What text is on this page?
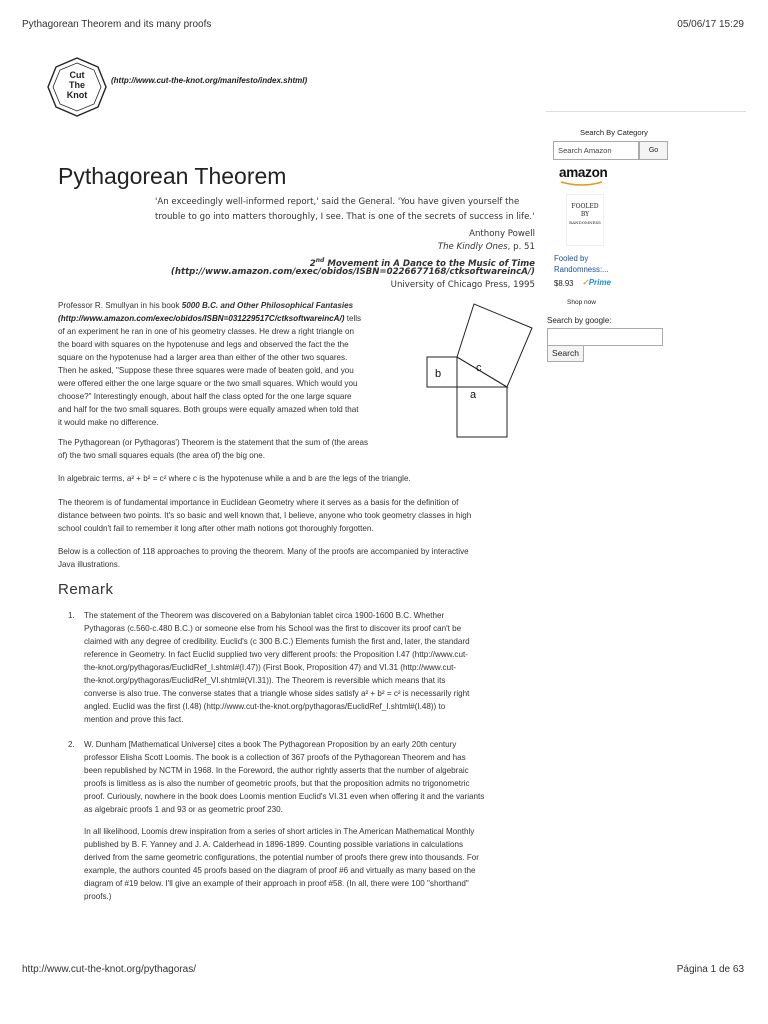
Pythagorean Theorem and its many proofs	05/06/17 15:29
Cut
The
Knot
(http://www.cut-the-knot.org/manifesto/index.shtml)
Search By Category
Search Amazon	Go
amazon
FOOLED
BY
RANDOMNESS
Fooled by Randomness:...
$8.93 ✓Prime
Shop now
Search by google:
Search
Pythagorean Theorem
'An exceedingly well-informed report,' said the General. 'You have given yourself the
trouble to go into matters thoroughly, I see. That is one of the secrets of success in life.'
Anthony Powell
The Kindly Ones, p. 51
2nd Movement in A Dance to the Music of Time
(http://www.amazon.com/exec/obidos/ISBN=0226677168/ctksoftwareincA/)
University of Chicago Press, 1995
Professor R. Smullyan in his book 5000 B.C. and Other Philosophical Fantasies
(http://www.amazon.com/exec/obidos/ISBN=031229517C/ctksoftwareincA/) tells
of an experiment he ran in one of his geometry classes. He drew a right triangle on
the board with squares on the hypotenuse and legs and observed the fact the the
square on the hypotenuse had a larger area than either of the other two squares.
Then he asked, "Suppose these three squares were made of beaten gold, and you
were offered either the one large square or the two small squares. Which would you
choose?" Interestingly enough, about half the class opted for the one large square
and half for the two small squares. Both groups were equally amazed when told that
it would make no difference.
b	c
a
The Pythagorean (or Pythagoras') Theorem is the statement that the sum of (the areas
of) the two small squares equals (the area of) the big one.
In algebraic terms, a² + b² = c² where c is the hypotenuse while a and b are the legs of the triangle.
The theorem is of fundamental importance in Euclidean Geometry where it serves as a basis for the definition of
distance between two points. It's so basic and well known that, I believe, anyone who took geometry classes in high
school couldn't fail to remember it long after other math notions got thoroughly forgotten.
Below is a collection of 118 approaches to proving the theorem. Many of the proofs are accompanied by interactive
Java illustrations.
Remark
1. The statement of the Theorem was discovered on a Babylonian tablet circa 1900-1600 B.C. Whether
Pythagoras (c.560-c.480 B.C.) or someone else from his School was the first to discover its proof can't be
claimed with any degree of credibility. Euclid's (c 300 B.C.) Elements furnish the first and, later, the standard
reference in Geometry. In fact Euclid supplied two very different proofs: the Proposition I.47 (http://www.cut-
the-knot.org/pythagoras/EuclidRef_I.shtml#(I.47)) (First Book, Proposition 47) and VI.31 (http://www.cut-
the-knot.org/pythagoras/EuclidRef_VI.shtml#(VI.31)). The Theorem is reversible which means that its
converse is also true. The converse states that a triangle whose sides satisfy a² + b² = c² is necessarily right
angled. Euclid was the first (I.48) (http://www.cut-the-knot.org/pythagoras/EuclidRef_I.shtml#(I.48)) to
mention and prove this fact.
2. W. Dunham [Mathematical Universe] cites a book The Pythagorean Proposition by an early 20th century
professor Elisha Scott Loomis. The book is a collection of 367 proofs of the Pythagorean Theorem and has
been republished by NCTM in 1968. In the Foreword, the author rightly asserts that the number of algebraic
proofs is limitless as is also the number of geometric proofs, but that the proposition admits no trigonometric
proof. Curiously, nowhere in the book does Loomis mention Euclid's VI.31 even when offering it and the variants
as algebraic proofs 1 and 93 or as geometric proof 230.
In all likelihood, Loomis drew inspiration from a series of short articles in The American Mathematical Monthly
published by B. F. Yanney and J. A. Calderhead in 1896-1899. Counting possible variations in calculations
derived from the same geometric configurations, the potential number of proofs there grew into thousands. For
example, the authors counted 45 proofs based on the diagram of proof #6 and virtually as many based on the
diagram of #19 below. I'll give an example of their approach in proof #58. (In all, there were 100 "shorthand"
proofs.)
http://www.cut-the-knot.org/pythagoras/	Página 1 de 63
